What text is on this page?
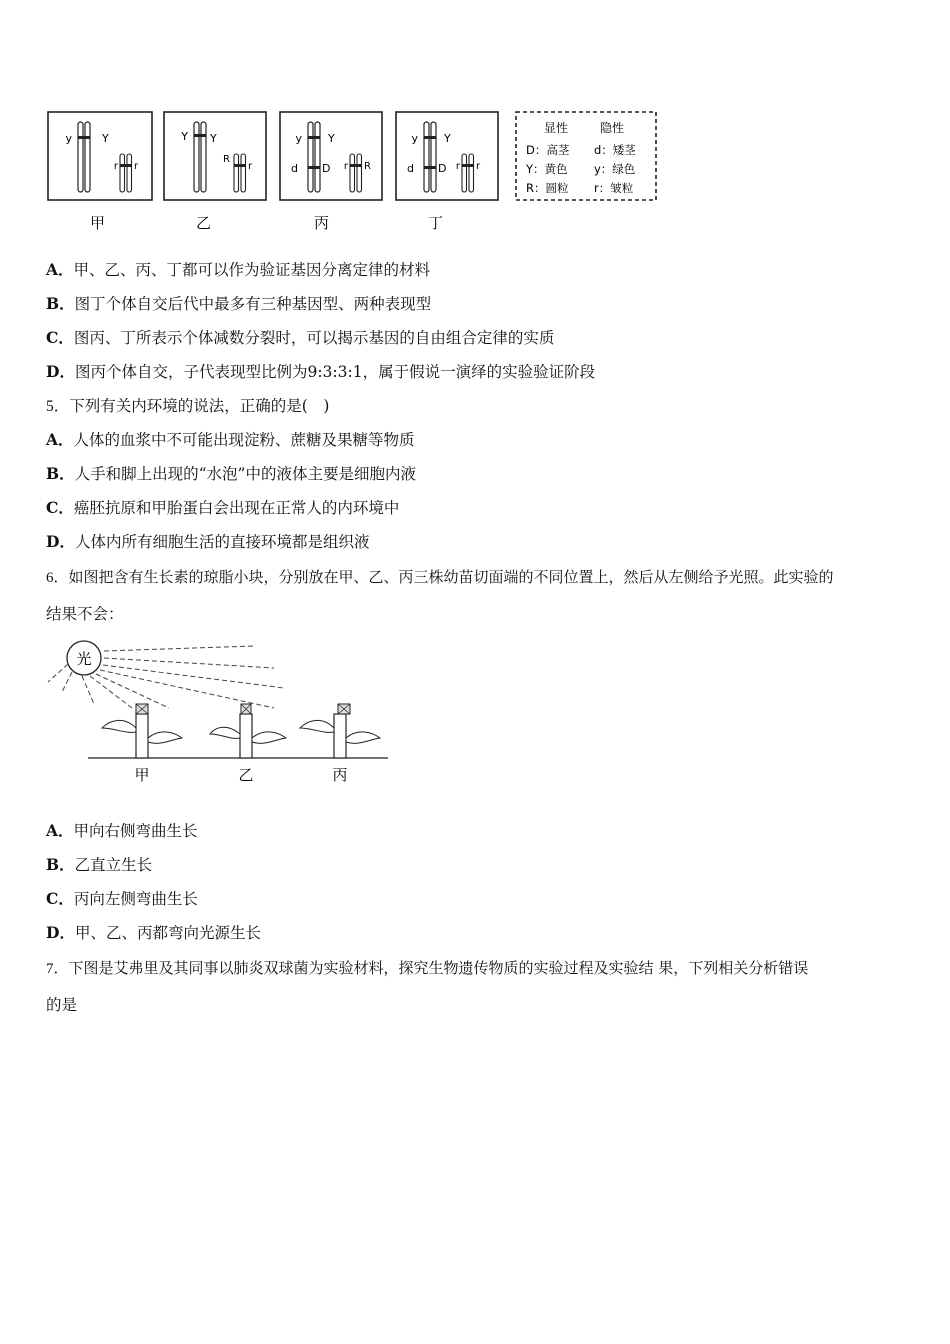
y	Y
r r
甲
Y Y
R
r
乙
y Y
d D r R
丙
y Y
d D r r
丁
显性	隐性
D：高茎 d：矮茎
Y：黄色 y：绿色
R：圆粒 r：皱粒
A．甲、乙、丙、丁都可以作为验证基因分离定律的材料
B．图丁个体自交后代中最多有三种基因型、两种表现型
C．图丙、丁所表示个体减数分裂时，可以揭示基因的自由组合定律的实质
D．图丙个体自交，子代表现型比例为9:3:3:1，属于假说一演绎的实验验证阶段
5．下列有关内环境的说法，正确的是(　)
A．人体的血浆中不可能出现淀粉、蔗糖及果糖等物质
B．人手和脚上出现的“水泡”中的液体主要是细胞内液
C．癌胚抗原和甲胎蛋白会出现在正常人的内环境中
D．人体内所有细胞生活的直接环境都是组织液
6．如图把含有生长素的琼脂小块，分别放在甲、乙、丙三株幼苗切面端的不同位置上，然后从左侧给予光照。此实验的
结果不会：
光
甲	乙	丙
A．甲向右侧弯曲生长
B．乙直立生长
C．丙向左侧弯曲生长
D．甲、乙、丙都弯向光源生长
7．下图是艾弗里及其同事以肺炎双球菌为实验材料，探究生物遗传物质的实验过程及实验结 果，下列相关分析错误
的是
